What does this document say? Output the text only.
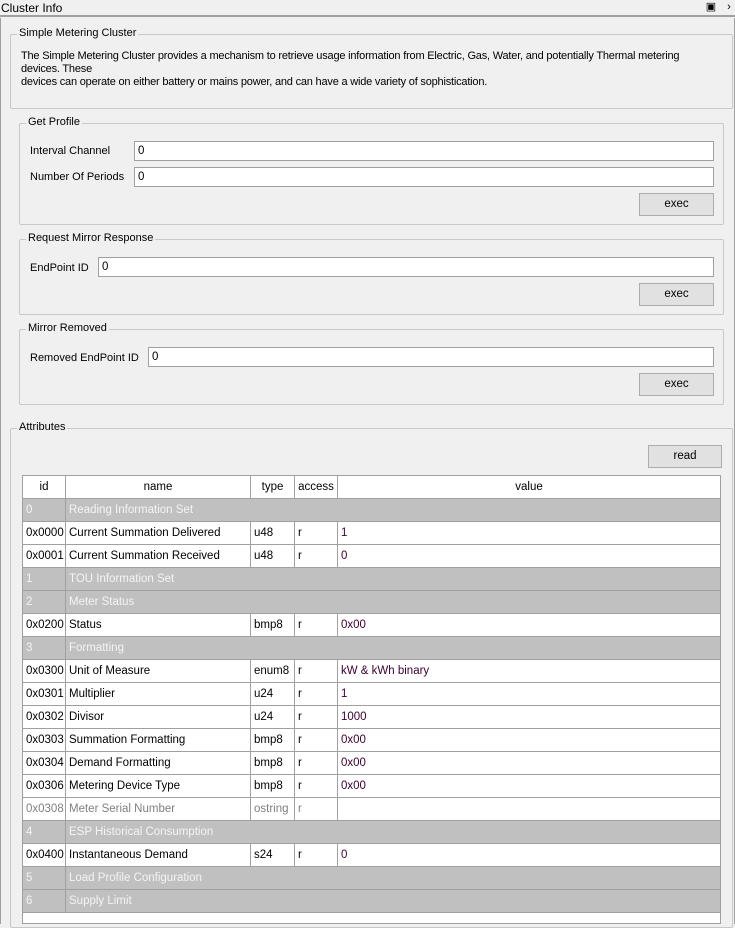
Cluster Info	▣ ›
Simple Metering Cluster
The Simple Metering Cluster provides a mechanism to retrieve usage information from Electric, Gas, Water, and potentially Thermal metering
devices. These
devices can operate on either battery or mains power, and can have a wide variety of sophistication.
Get Profile
Interval Channel
0
Number Of Periods
0
exec
Request Mirror Response
EndPoint ID
0
exec
Mirror Removed
Removed EndPoint ID
0
exec
Attributes
read
id	name	type	access	value
0	Reading Information Set
0x0000 Current Summation Delivered	u48	r	1
0x0001 Current Summation Received	u48	r	0
1	TOU Information Set
2	Meter Status
0x0200 Status	bmp8	r	0x00
3	Formatting
0x0300 Unit of Measure	enum8 r	kW & kWh binary
0x0301 Multiplier	u24	r	1
0x0302 Divisor	u24	r	1000
0x0303 Summation Formatting	bmp8	r	0x00
0x0304 Demand Formatting	bmp8	r	0x00
0x0306 Metering Device Type	bmp8	r	0x00
0x0308 Meter Serial Number	ostring r
4	ESP Historical Consumption
0x0400 Instantaneous Demand	s24	r	0
5	Load Profile Configuration
6	Supply Limit
